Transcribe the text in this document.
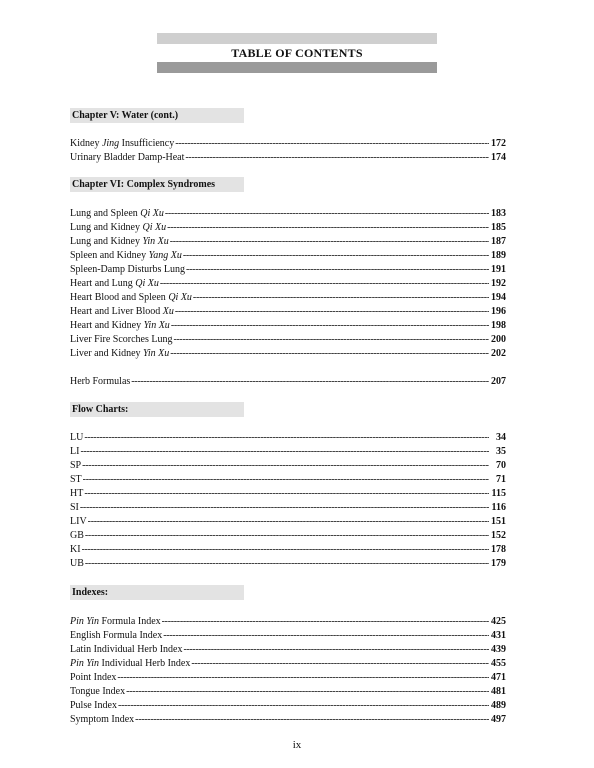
TABLE OF CONTENTS
Chapter V: Water (cont.)
Kidney Jing Insufficiency -----	172
Urinary Bladder Damp-Heat -----	174
Chapter VI: Complex Syndromes
Lung and Spleen Qi Xu -----	183
Lung and Kidney Qi Xu -----	185
Lung and Kidney Yin Xu -----	187
Spleen and Kidney Yang Xu -----	189
Spleen-Damp Disturbs Lung -----	191
Heart and Lung Qi Xu -----	192
Heart Blood and Spleen Qi Xu -----	194
Heart and Liver Blood Xu -----	196
Heart and Kidney Yin Xu -----	198
Liver Fire Scorches Lung -----	200
Liver and Kidney Yin Xu -----	202
Herb Formulas -----	207
Flow Charts:
LU -----	34
LI -----	35
SP -----	70
ST -----	71
HT -----	115
SI -----	116
LIV -----	151
GB -----	152
KI -----	178
UB -----	179
Indexes:
Pin Yin Formula Index -----	425
English Formula Index -----	431
Latin Individual Herb Index -----	439
Pin Yin Individual Herb Index -----	455
Point Index -----	471
Tongue Index -----	481
Pulse Index -----	489
Symptom Index -----	497
ix
